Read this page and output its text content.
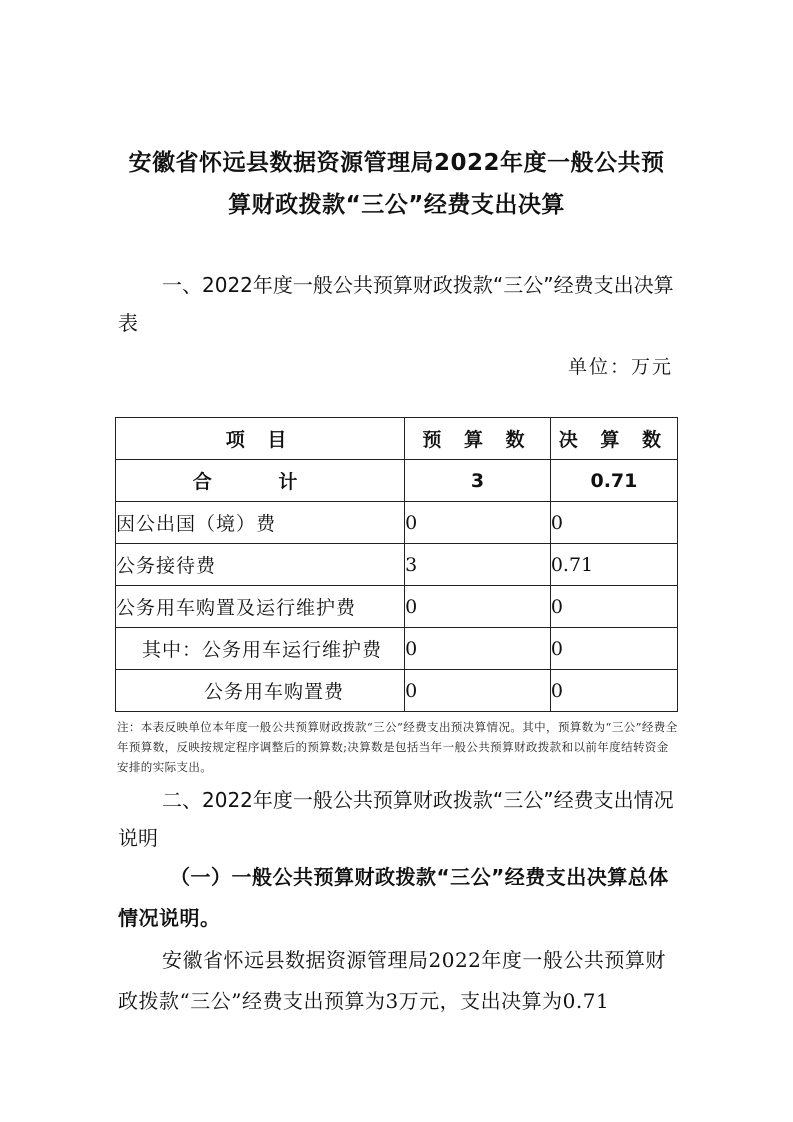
安徽省怀远县数据资源管理局2022年度一般公共预
算财政拨款“三公”经费支出决算
一、2022年度一般公共预算财政拨款“三公”经费支出决算表
单位：万元
项 目	预 算 数	决 算 数
合 计	3	0.71
因公出国（境）费	0	0
公务接待费	3	0.71
公务用车购置及运行维护费	0	0
其中：公务用车运行维护费	0	0
公务用车购置费	0	0
注：本表反映单位本年度一般公共预算财政拨款“三公”经费支出预决算情况。其中，预算数为“三公”经费全年预算数，反映按规定程序调整后的预算数;决算数是包括当年一般公共预算财政拨款和以前年度结转资金安排的实际支出。
二、2022年度一般公共预算财政拨款“三公”经费支出情况说明
（一）一般公共预算财政拨款“三公”经费支出决算总体情况说明。
安徽省怀远县数据资源管理局2022年度一般公共预算财政拨款“三公”经费支出预算为3万元，支出决算为0.71
